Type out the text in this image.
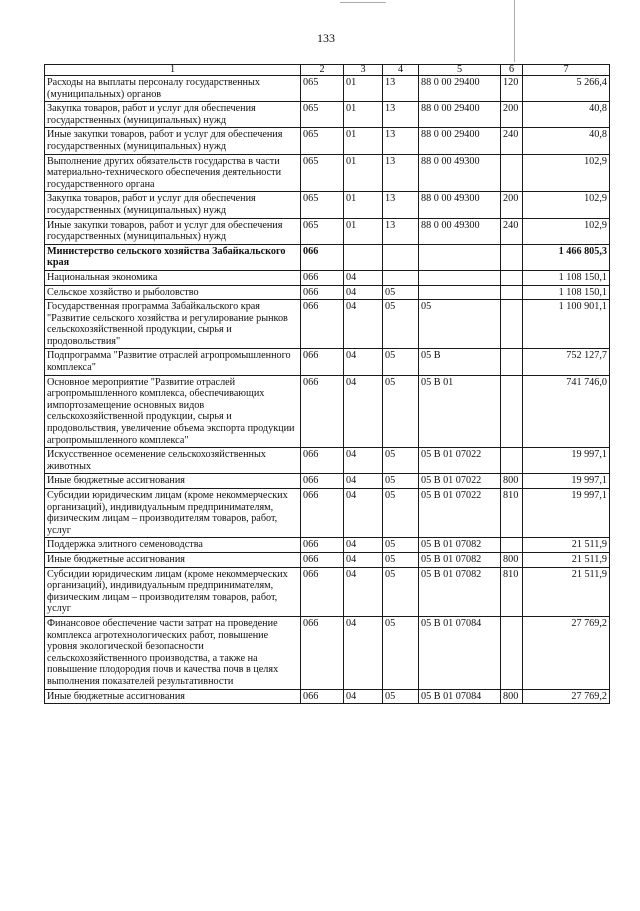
133
1	2	3	4	5	6	7
Расходы на выплаты персоналу государственных (муниципальных) органов	065	01	13	88 0 00 29400	120	5 266,4
Закупка товаров, работ и услуг для обеспечения государственных (муниципальных) нужд	065	01	13	88 0 00 29400	200	40,8
Иные закупки товаров, работ и услуг для обеспечения государственных (муниципальных) нужд	065	01	13	88 0 00 29400	240	40,8
Выполнение других обязательств государства в части материально-технического обеспечения деятельности государственного органа	065	01	13	88 0 00 49300		102,9
Закупка товаров, работ и услуг для обеспечения государственных (муниципальных) нужд	065	01	13	88 0 00 49300	200	102,9
Иные закупки товаров, работ и услуг для обеспечения государственных (муниципальных) нужд	065	01	13	88 0 00 49300	240	102,9
Министерство сельского хозяйства Забайкальского края	066					1 466 805,3
Национальная экономика	066	04				1 108 150,1
Сельское хозяйство и рыболовство	066	04	05			1 108 150,1
Государственная программа Забайкальского края "Развитие сельского хозяйства и регулирование рынков сельскохозяйственной продукции, сырья и продовольствия"	066	04	05	05		1 100 901,1
Подпрограмма "Развитие отраслей агропромышленного комплекса"	066	04	05	05 В		752 127,7
Основное мероприятие "Развитие отраслей агропромышленного комплекса, обеспечивающих импортозамещение основных видов сельскохозяйственной продукции, сырья и продовольствия, увеличение объема экспорта продукции агропромышленного комплекса"	066	04	05	05 В 01		741 746,0
Искусственное осеменение сельскохозяйственных животных	066	04	05	05 В 01 07022		19 997,1
Иные бюджетные ассигнования	066	04	05	05 В 01 07022	800	19 997,1
Субсидии юридическим лицам (кроме некоммерческих организаций), индивидуальным предпринимателям, физическим лицам – производителям товаров, работ, услуг	066	04	05	05 В 01 07022	810	19 997,1
Поддержка элитного семеноводства	066	04	05	05 В 01 07082		21 511,9
Иные бюджетные ассигнования	066	04	05	05 В 01 07082	800	21 511,9
Субсидии юридическим лицам (кроме некоммерческих организаций), индивидуальным предпринимателям, физическим лицам – производителям товаров, работ, услуг	066	04	05	05 В 01 07082	810	21 511,9
Финансовое обеспечение части затрат на проведение комплекса агротехнологических работ, повышение уровня экологической безопасности сельскохозяйственного производства, а также на повышение плодородия почв и качества почв в целях выполнения показателей результативности	066	04	05	05 В 01 07084		27 769,2
Иные бюджетные ассигнования	066	04	05	05 В 01 07084	800	27 769,2
